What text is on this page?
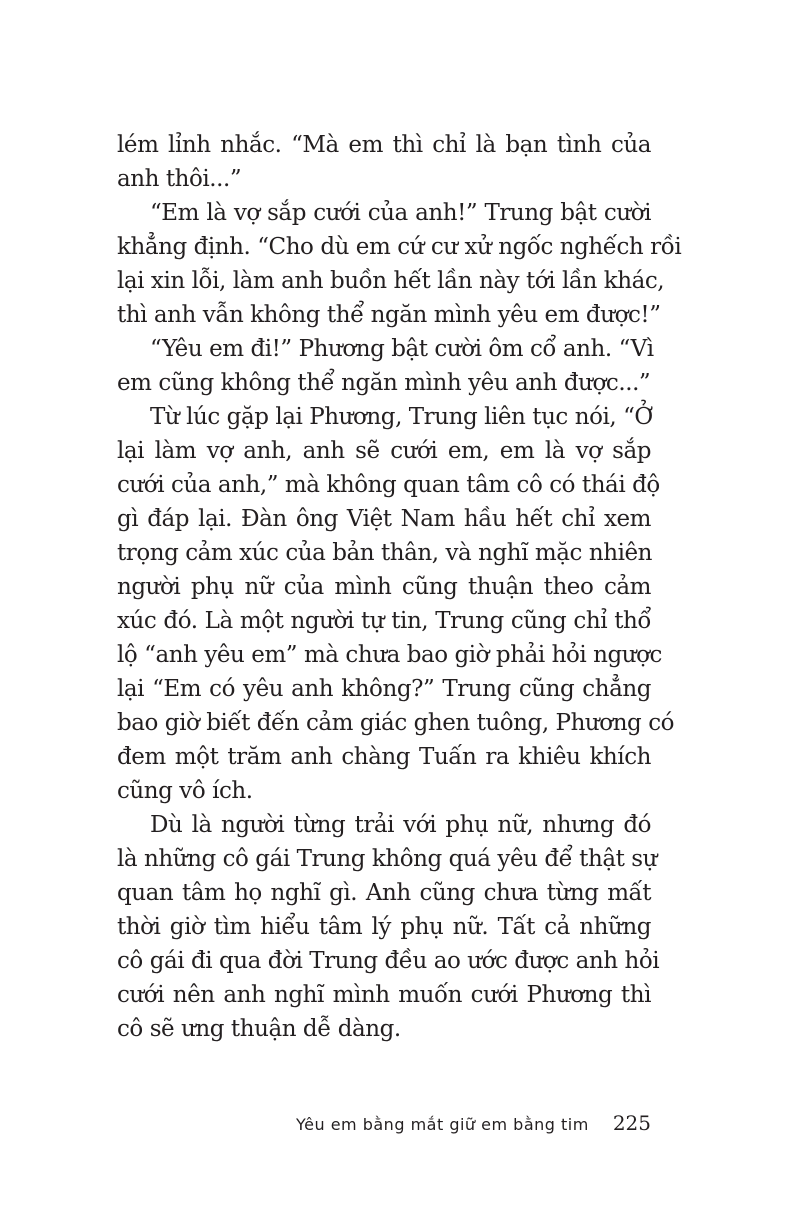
lém lỉnh nhắc. “Mà em thì chỉ là bạn tình của
anh thôi...”
“Em là vợ sắp cưới của anh!” Trung bật cười
khẳng định. “Cho dù em cứ cư xử ngốc nghếch rồi
lại xin lỗi, làm anh buồn hết lần này tới lần khác,
thì anh vẫn không thể ngăn mình yêu em được!”
“Yêu em đi!” Phương bật cười ôm cổ anh. “Vì
em cũng không thể ngăn mình yêu anh được...”
Từ lúc gặp lại Phương, Trung liên tục nói, “Ở
lại làm vợ anh, anh sẽ cưới em, em là vợ sắp
cưới của anh,” mà không quan tâm cô có thái độ
gì đáp lại. Đàn ông Việt Nam hầu hết chỉ xem
trọng cảm xúc của bản thân, và nghĩ mặc nhiên
người phụ nữ của mình cũng thuận theo cảm
xúc đó. Là một người tự tin, Trung cũng chỉ thổ
lộ “anh yêu em” mà chưa bao giờ phải hỏi ngược
lại “Em có yêu anh không?” Trung cũng chẳng
bao giờ biết đến cảm giác ghen tuông, Phương có
đem một trăm anh chàng Tuấn ra khiêu khích
cũng vô ích.
Dù là người từng trải với phụ nữ, nhưng đó
là những cô gái Trung không quá yêu để thật sự
quan tâm họ nghĩ gì. Anh cũng chưa từng mất
thời giờ tìm hiểu tâm lý phụ nữ. Tất cả những
cô gái đi qua đời Trung đều ao ước được anh hỏi
cưới nên anh nghĩ mình muốn cưới Phương thì
cô sẽ ưng thuận dễ dàng.
Yêu em bằng mắt giữ em bằng tim 225
